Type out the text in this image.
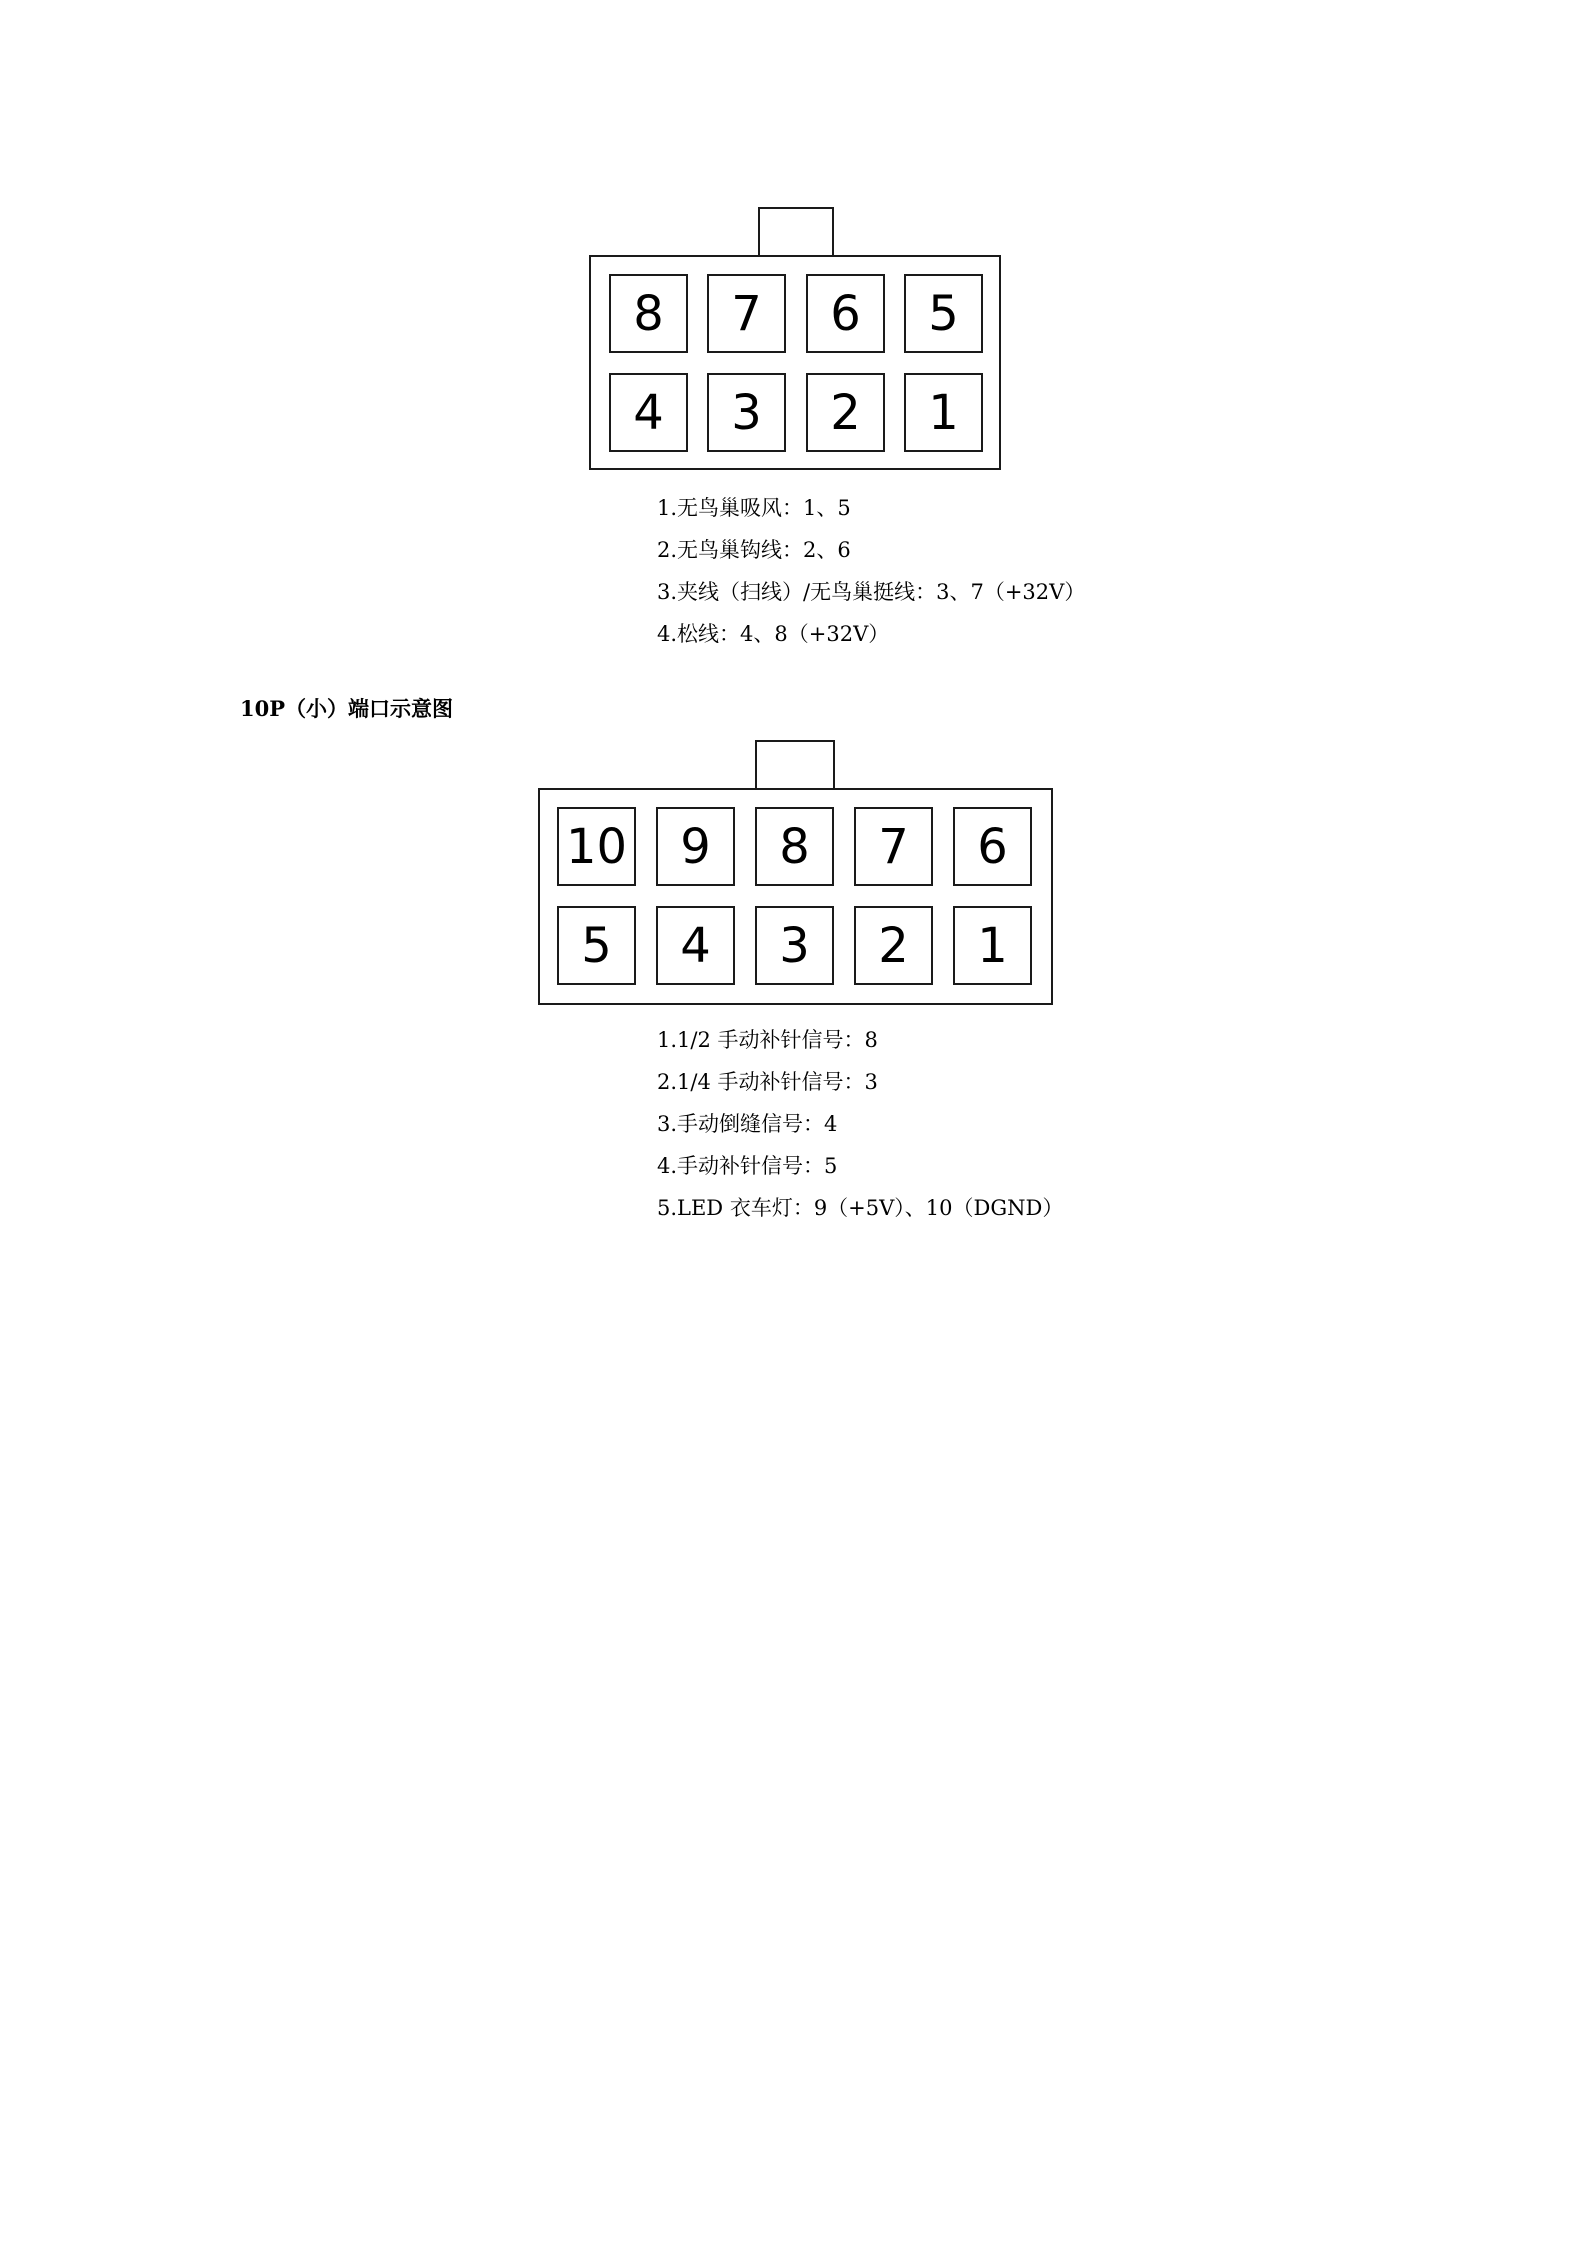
8	7	6	5
4	3	2	1
1.无鸟巢吸风：1、5
2.无鸟巢钩线：2、6
3.夹线（扫线）/无鸟巢挺线：3、7（+32V）
4.松线：4、8（+32V）
10P（小）端口示意图
10	9	8	7	6
5	4	3	2	1
1.1/2 手动补针信号：8
2.1/4 手动补针信号：3
3.手动倒缝信号：4
4.手动补针信号：5
5.LED 衣车灯：9（+5V）、10（DGND）
